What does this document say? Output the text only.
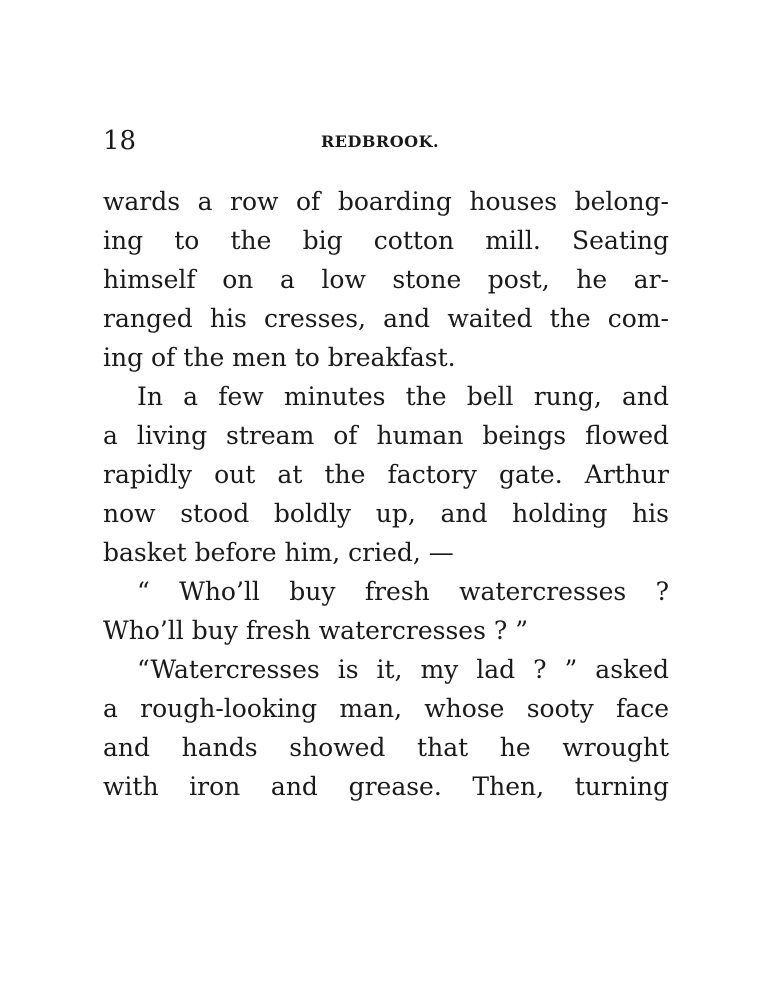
18	REDBROOK.
wards a row of boarding houses belong-
ing to the big cotton mill. Seating
himself on a low stone post, he ar-
ranged his cresses, and waited the com-
ing of the men to breakfast.
In a few minutes the bell rung, and
a living stream of human beings flowed
rapidly out at the factory gate. Arthur
now stood boldly up, and holding his
basket before him, cried, —
“ Who’ll buy fresh watercresses ?
Who’ll buy fresh watercresses ? ”
“Watercresses is it, my lad ? ” asked
a rough-looking man, whose sooty face
and hands showed that he wrought
with iron and grease. Then, turning
